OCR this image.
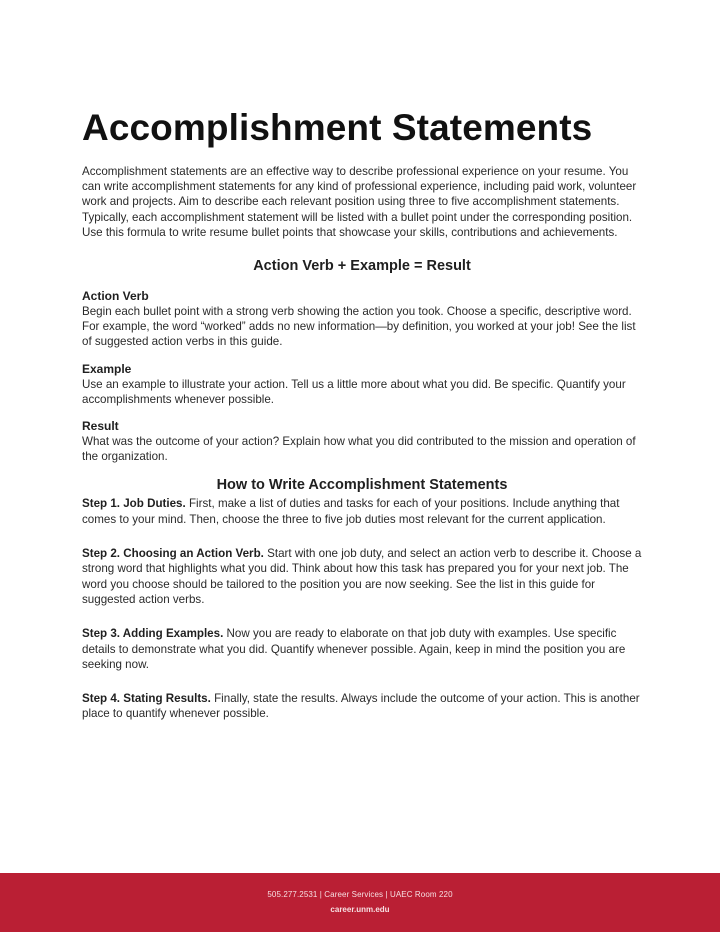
Accomplishment Statements

Accomplishment statements are an effective way to describe professional experience on your resume. You can write accomplishment statements for any kind of professional experience, including paid work, volunteer work and projects. Aim to describe each relevant position using three to five accomplishment statements. Typically, each accomplishment statement will be listed with a bullet point under the corresponding position. Use this formula to write resume bullet points that showcase your skills, contributions and achievements.

Action Verb + Example = Result
Action Verb

Begin each bullet point with a strong verb showing the action you took. Choose a specific, descriptive word. For example, the word “worked” adds no new information—by definition, you worked at your job! See the list of suggested action verbs in this guide.

Example

Use an example to illustrate your action. Tell us a little more about what you did. Be specific. Quantify your accomplishments whenever possible.

Result

What was the outcome of your action? Explain how what you did contributed to the mission and operation of the organization.

How to Write Accomplishment Statements

Step 1. Job Duties. First, make a list of duties and tasks for each of your positions. Include anything that comes to your mind. Then, choose the three to five job duties most relevant for the current application.

Step 2. Choosing an Action Verb. Start with one job duty, and select an action verb to describe it. Choose a strong word that highlights what you did. Think about how this task has prepared you for your next job. The word you choose should be tailored to the position you are now seeking. See the list in this guide for suggested action verbs.

Step 3. Adding Examples. Now you are ready to elaborate on that job duty with examples. Use specific details to demonstrate what you did. Quantify whenever possible. Again, keep in mind the position you are seeking now.

Step 4. Stating Results. Finally, state the results. Always include the outcome of your action. This is another place to quantify whenever possible.

505.277.2531 | Career Services | UAEC Room 220
career.unm.edu
